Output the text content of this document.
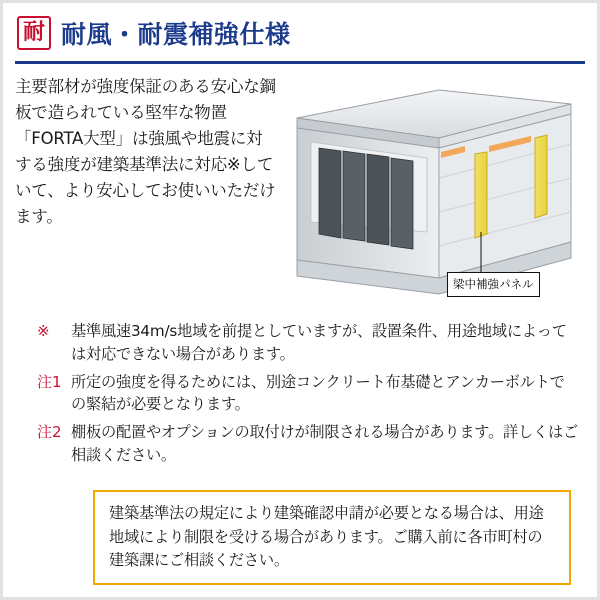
耐 耐風・耐震補強仕様

主要部材が強度保証のある安心な鋼板で造られている堅牢な物置「FORTA大型」は強風や地震に対する強度が建築基準法に対応※していて、より安心してお使いいただけます。

梁中補強パネル
※	基準風速34m/s地域を前提としていますが、設置条件、用途地域によっては対応できない場合があります。
注1 所定の強度を得るためには、別途コンクリート布基礎とアンカーボルトでの緊結が必要となります。
注2 棚板の配置やオプションの取付けが制限される場合があります。詳しくはご相談ください。

建築基準法の規定により建築確認申請が必要となる場合は、用途地域により制限を受ける場合があります。ご購入前に各市町村の建築課にご相談ください。
